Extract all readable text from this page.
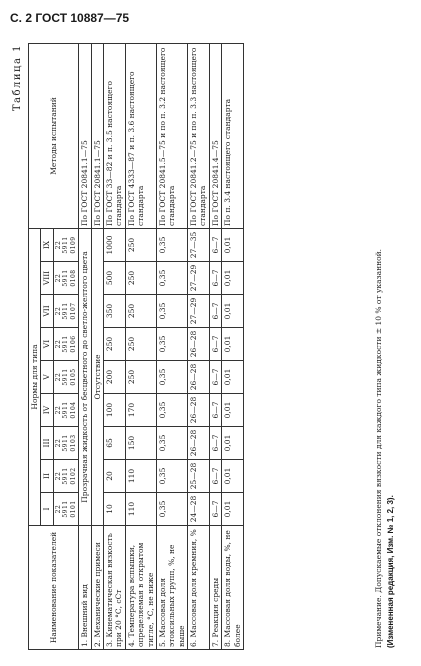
С. 2 ГОСТ 10887—75
Таблица 1
Наименование показателей	Нормы для типа									Методы испытаний
	I	II	III	IV	V	VI	VII	VIII	IX	
	22 5911 0101	22 5911 0102	22 5911 0103	22 5911 0104	22 5911 0105	22 5911 0106	22 5911 0107	22 5911 0108	22 5911 0109	
1. Внешний вид	Прозрачная жидкость от бесцветного до светло-желтого цвета									По ГОСТ 20841.1—75
2. Механические примеси	Отсутствие									По ГОСТ 20841.1—75
3. Кинематическая вязкость при 20 °С, сСт	10	20	65	100	200	250	350	500	1000	По ГОСТ 33—82 и п. 3.5 настоящего стандарта
4. Температура вспышки, определяемая в открытом тигле, °С, не ниже	110	110	150	170	250	250	250	250	250	По ГОСТ 4333—87 и п. 3.6 настоящего стандарта
5. Массовая доля этоксильных групп, %, не выше	0,35	0,35	0,35	0,35	0,35	0,35	0,35	0,35	0,35	По ГОСТ 20841.5—75 и по п. 3.2 настоящего стандарта
6. Массовая доля кремния, %	24—28	25—28	26—28	26—28	26—28	26—28	27—29	27—29	27—35	По ГОСТ 20841.2—75 и по п. 3.3 настоящего стандарта
7. Реакция среды	6—7	6—7	6—7	6—7	6—7	6—7	6—7	6—7	6—7	По ГОСТ 20841.4—75
8. Массовая доля воды, %, не более	0,01	0,01	0,01	0,01	0,01	0,01	0,01	0,01	0,01	По п. 3.4 настоящего стандарта
Примечание. Допускаемые отклонения вязкости для каждого типа жидкости ± 10 % от указанной. (Измененная редакция, Изм. № 1, 2, 3).
